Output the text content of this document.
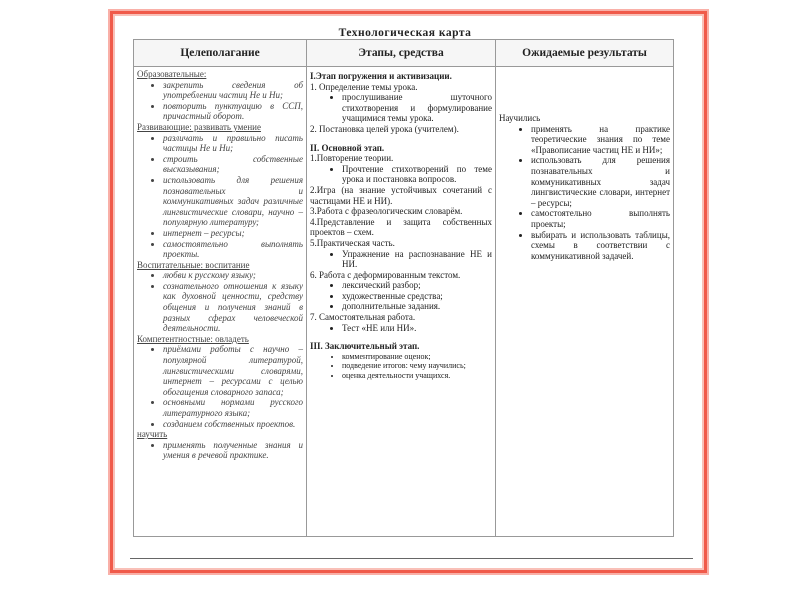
Технологическая карта
Целеполагание
Образовательные:
• закрепить сведения об употреблении частиц Не и Ни;
• повторить пунктуацию в ССП, причастный оборот.
Развивающие: развивать умение
• различать и правильно писать частицы Не и Ни;
• строить собственные высказывания;
• использовать для решения познавательных и коммуникативных задач различные лингвистические словари, научно – популярную литературу;
• интернет – ресурсы;
• самостоятельно выполнять проекты.
Воспитательные: воспитание
• любви к русскому языку;
• сознательного отношения к языку как духовной ценности, средству общения и получения знаний в разных сферах человеческой деятельности.
Компетентностные: овладеть
• приёмами работы с научно – популярной литературой, лингвистическими словарями, интернет – ресурсами с целью обогащения словарного запаса;
• основными нормами русского литературного языка;
• созданием собственных проектов.
научить
• применять полученные знания и умения в речевой практике.
Этапы, средства
I.Этап погружения и активизации.
1. Определение темы урока.
• прослушивание шуточного стихотворения и формулирование учащимися темы урока.
2. Постановка целей урока (учителем).
II. Основной этап.
1.Повторение теории.
• Прочтение стихотворений по теме урока и постановка вопросов.
2.Игра (на знание устойчивых сочетаний с частицами НЕ и НИ).
3.Работа с фразеологическим словарём.
4.Представление и защита собственных проектов – схем.
5.Практическая часть.
• Упражнение на распознавание НЕ и НИ.
6. Работа с деформированным текстом.
• лексический разбор;
• художественные средства;
• дополнительные задания.
7. Самостоятельная работа.
• Тест «НЕ или НИ».
III. Заключительный этап.
• комментирование оценок;
• подведение итогов: чему научились;
• оценка деятельности учащихся.
Ожидаемые результаты
Научились
• применять на практике теоретические знания по теме «Правописание частиц НЕ и НИ»;
• использовать для решения познавательных и коммуникативных задач лингвистические словари, интернет – ресурсы;
• самостоятельно выполнять проекты;
• выбирать и использовать таблицы, схемы в соответствии с коммуникативной задачей.
